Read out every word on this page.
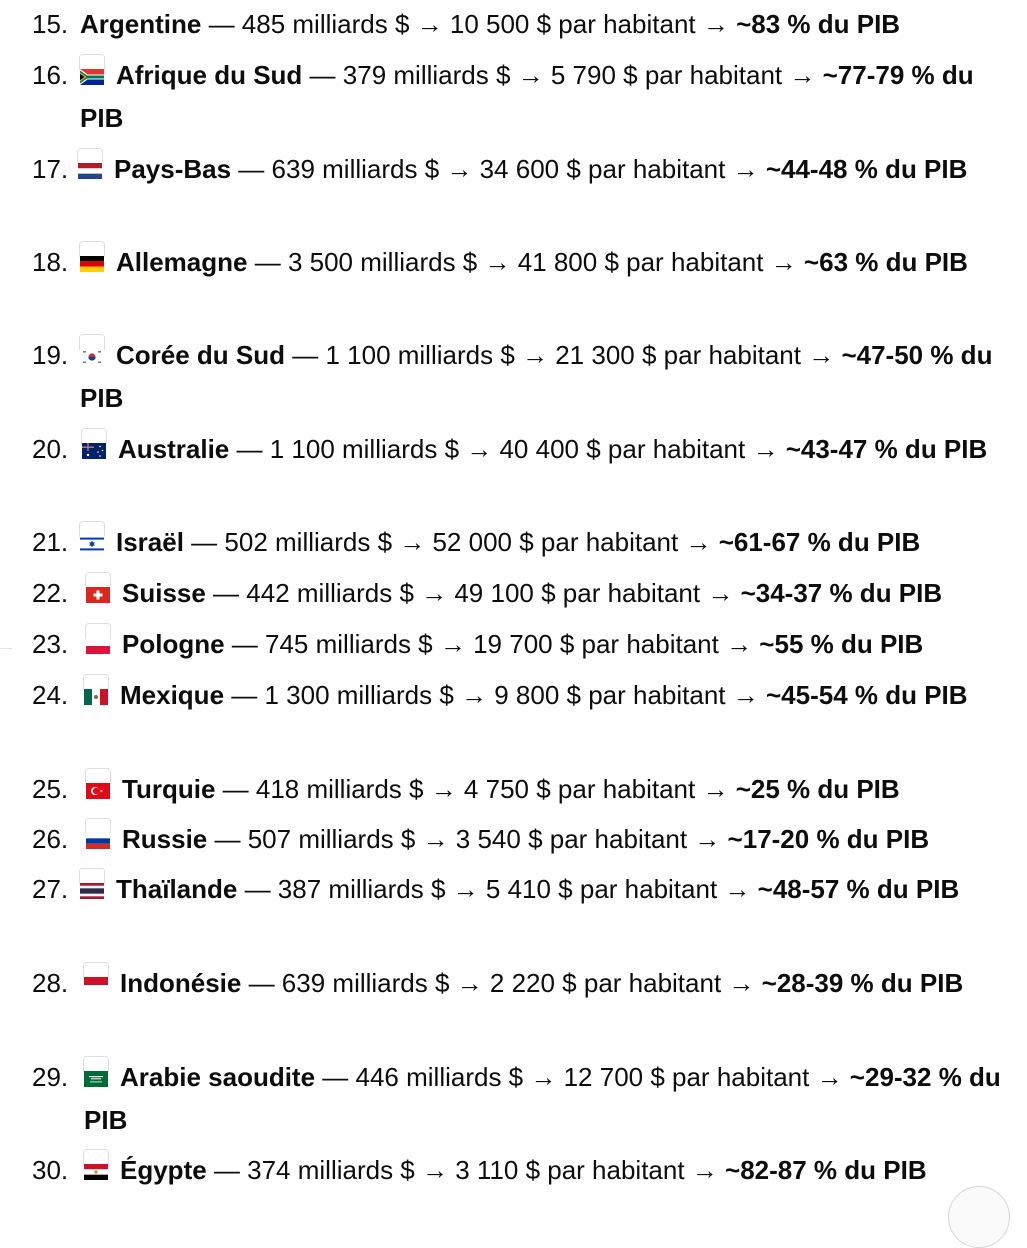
15. Argentine — 485 milliards $ → 10 500 $ par habitant → ~83 % du PIB
16.	Afrique du Sud — 379 milliards $ → 5 790 $ par habitant → ~77-79 % du PIB
17.	Pays-Bas — 639 milliards $ → 34 600 $ par habitant → ~44-48 % du PIB
18.	Allemagne — 3 500 milliards $ → 41 800 $ par habitant → ~63 % du PIB
19.	Corée du Sud — 1 100 milliards $ → 21 300 $ par habitant → ~47-50 % du PIB
20.	Australie — 1 100 milliards $ → 40 400 $ par habitant → ~43-47 % du PIB
21.	Israël — 502 milliards $ → 52 000 $ par habitant → ~61-67 % du PIB
22.	Suisse — 442 milliards $ → 49 100 $ par habitant → ~34-37 % du PIB
23.	Pologne — 745 milliards $ → 19 700 $ par habitant → ~55 % du PIB
24.	Mexique — 1 300 milliards $ → 9 800 $ par habitant → ~45-54 % du PIB
25.	Turquie — 418 milliards $ → 4 750 $ par habitant → ~25 % du PIB
26.	Russie — 507 milliards $ → 3 540 $ par habitant → ~17-20 % du PIB
27.	Thaïlande — 387 milliards $ → 5 410 $ par habitant → ~48-57 % du PIB
28.	Indonésie — 639 milliards $ → 2 220 $ par habitant → ~28-39 % du PIB
29.	Arabie saoudite — 446 milliards $ → 12 700 $ par habitant → ~29-32 % du PIB
30.	Égypte — 374 milliards $ → 3 110 $ par habitant → ~82-87 % du PIB
